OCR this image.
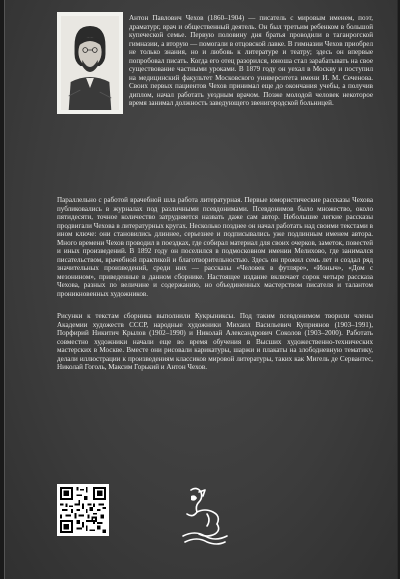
Антон Павлович Чехов (1860–1904) — писатель с мировым именем, поэт, драматург, врач и общественный деятель. Он был третьим ребенком в большой купеческой семье. Первую половину дня братья проводили в таганрогской гимназии, а вторую — помогали в отцовской лавке. В гимназии Чехов приобрел не только знания, но и любовь к литературе и театру; здесь он впервые попробовал писать. Когда его отец разорился, юноша стал зарабатывать на свое существование частными уроками. В 1879 году он уехал в Москву и поступил на медицинский факультет Московского университета имени И. М. Сеченова. Своих первых пациентов Чехов принимал еще до окончания учебы, а получив диплом, начал работать уездным врачом. Позже молодой человек некоторое время занимал должность заведующего звенигородской больницей.

Параллельно с работой врачебной шла работа литературная. Первые юмористические рассказы Чехова публиковались в журналах под различными псевдонимами. Псевдонимов было множество, около пятидесяти, точное количество затрудняется назвать даже сам автор. Небольшие легкие рассказы продвигали Чехова в литературных кругах. Несколько позднее он начал работать над своими текстами в ином ключе: они становились длиннее, серьезнее и подписывались уже подлинным именем автора. Много времени Чехов проводил в поездках, где собирал материал для своих очерков, заметок, повестей и иных произведений. В 1892 году он поселился в подмосковном имении Мелихово, где занимался писательством, врачебной практикой и благотворительностью. Здесь он прожил семь лет и создал ряд значительных произведений, среди них — рассказы «Человек в футляре», «Ионыч», «Дом с мезонином», приведенные в данном сборнике. Настоящее издание включает сорок четыре рассказа Чехова, разных по величине и содержанию, но объединенных мастерством писателя и талантом проникновенных художников.

Рисунки к текстам сборника выполнили Кукрыниксы. Под таким псевдонимом творили члены Академии художеств СССР, народные художники Михаил Васильевич Куприянов (1903–1991), Порфирий Никитич Крылов (1902–1990) и Николай Александрович Соколов (1903–2000). Работать совместно художники начали еще во время обучения в Высших художественно-технических мастерских в Москве. Вместе они рисовали карикатуры, шаржи и плакаты на злободневную тематику, делали иллюстрации к произведениям классиков мировой литературы, таких как Мигель де Сервантес, Николай Гоголь, Максим Горький и Антон Чехов.
